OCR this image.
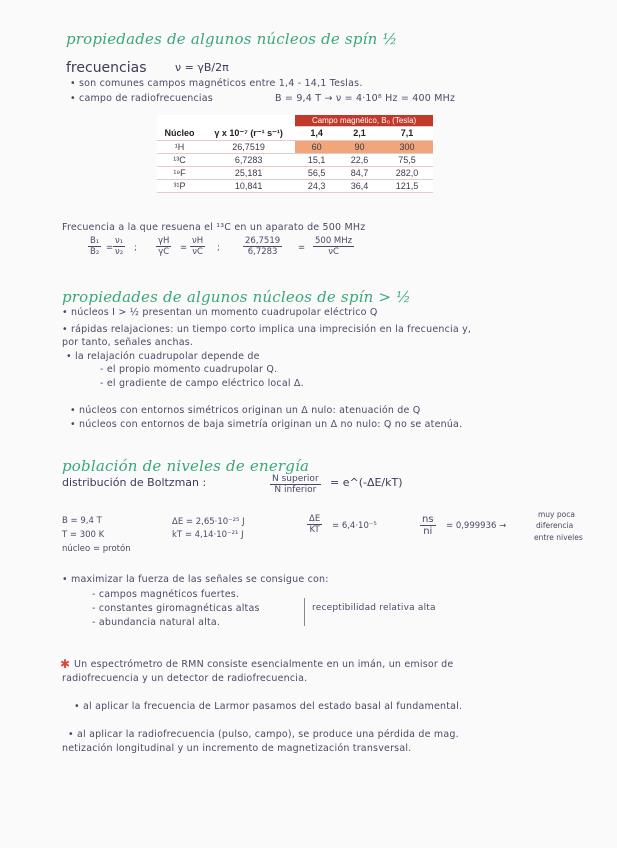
propiedades de algunos núcleos de spín ½
frecuencias	ν = γB/2π
• son comunes campos magnéticos entre 1,4 - 14,1 Teslas.
• campo de radiofrecuencias	B = 9,4 T → ν = 4·10⁸ Hz = 400 MHz
		Campo magnético, B₀ (Tesla)		
Núcleo	γ x 10⁻⁷ (r⁻¹ s⁻¹)	1,4	2,1	7,1
¹H	26,7519	60	90	300
¹³C	6,7283	15,1	22,6	75,5
¹⁹F	25,181	56,5	84,7	282,0
³¹P	10,841	24,3	36,4	121,5
Frecuencia a la que resuena el ¹³C en un aparato de 500 MHz
$\frac{\text{B₁}}{\text{B₂}} = \frac{\text{ν₁}}{\text{ν₂}}$ ; $\frac{\gamma H}{\gamma C} = \frac{\nu H}{\nu C}$ ;	$\frac{26,7519}{6,7283}$ =
500 MHz
νC
propiedades de algunos núcleos de spín > ½
• núcleos I > ½ presentan un momento cuadrupolar eléctrico Q
• rápidas relajaciones: un tiempo corto implica una imprecisión en la frecuencia y,
por tanto, señales anchas.
• la relajación cuadrupolar depende de
- el propio momento cuadrupolar Q.
- el gradiente de campo eléctrico local Δ.
• núcleos con entornos simétricos originan un Δ nulo: atenuación de Q
• núcleos con entornos de baja simetría originan un Δ no nulo: Q no se atenúa.
población de niveles de energía
distribución de Boltzman :	N superior
N inferior
= e^(-ΔE/kT)
B = 9,4 T
T = 300 K
núcleo = protón
ΔE = 2,65·10⁻²⁵ J
kT = 4,14·10⁻²¹ J	$\frac{\Delta E}{KT} = 6,4\cdot 10^{-5}$	$\frac{ns}{ni} = 0,999936$ →
muy poca
diferencia
entre niveles
• maximizar la fuerza de las señales se consigue con:
- campos magnéticos fuertes.
- constantes giromagnéticas altas
- abundancia natural alta.
receptibilidad relativa alta
✱ Un espectrómetro de RMN consiste esencialmente en un imán, un emisor de
radiofrecuencia y un detector de radiofrecuencia.
• al aplicar la frecuencia de Larmor pasamos del estado basal al fundamental.
• al aplicar la radiofrecuencia (pulso, campo), se produce una pérdida de mag.
netización longitudinal y un incremento de magnetización transversal.
